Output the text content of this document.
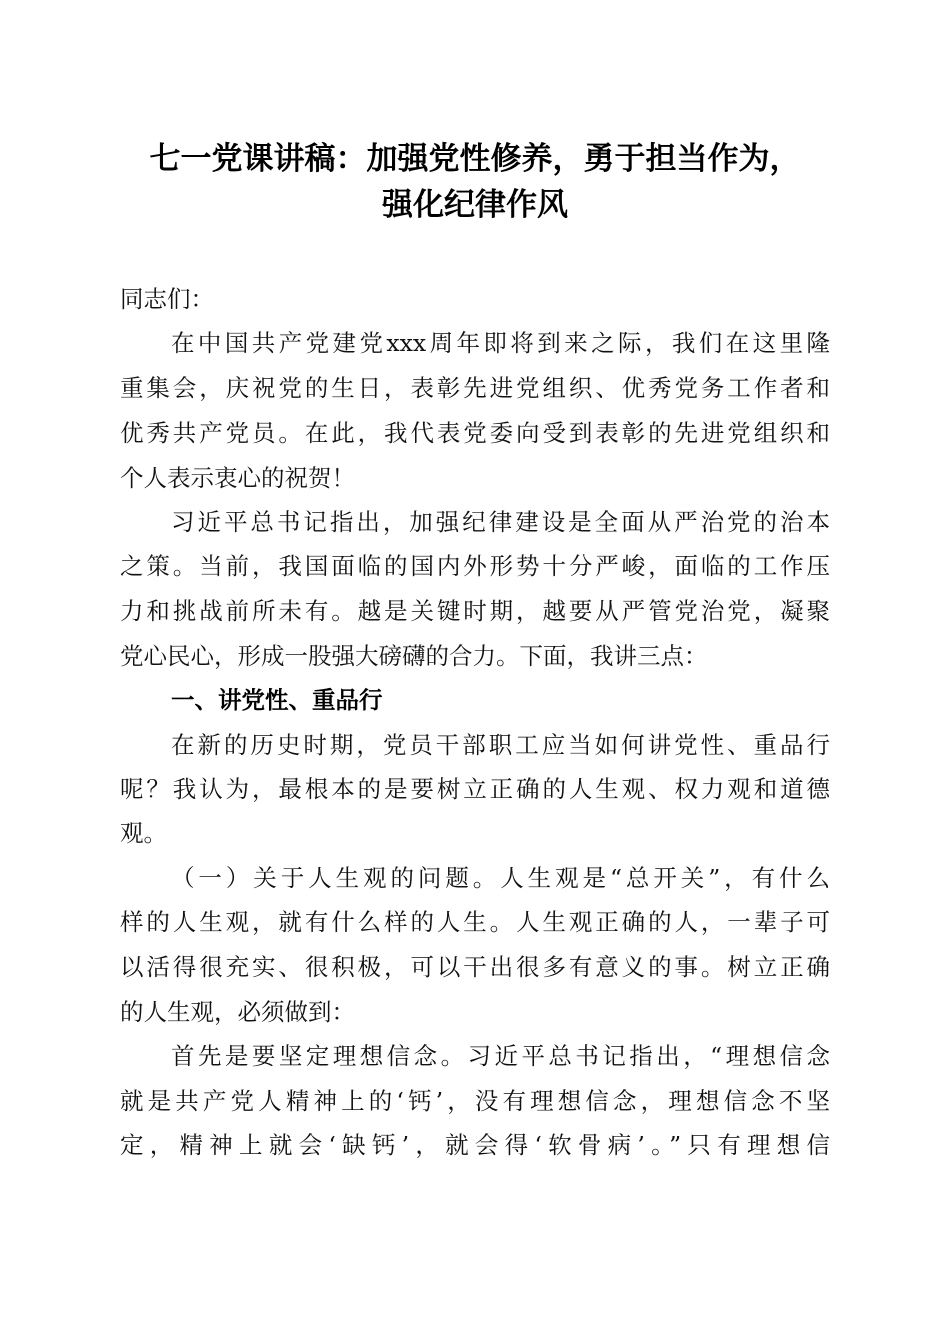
七一党课讲稿：加强党性修养，勇于担当作为，
强化纪律作风
同志们：
在中国共产党建党xxx周年即将到来之际，我们在这里隆
重集会，庆祝党的生日，表彰先进党组织、优秀党务工作者和
优秀共产党员。在此，我代表党委向受到表彰的先进党组织和
个人表示衷心的祝贺！
习近平总书记指出，加强纪律建设是全面从严治党的治本
之策。当前，我国面临的国内外形势十分严峻，面临的工作压
力和挑战前所未有。越是关键时期，越要从严管党治党，凝聚
党心民心，形成一股强大磅礴的合力。下面，我讲三点：
一、讲党性、重品行
在新的历史时期，党员干部职工应当如何讲党性、重品行
呢？我认为，最根本的是要树立正确的人生观、权力观和道德
观。
（一）关于人生观的问题。人生观是“总开关”，有什么
样的人生观，就有什么样的人生。人生观正确的人，一辈子可
以活得很充实、很积极，可以干出很多有意义的事。树立正确
的人生观，必须做到：
首先是要坚定理想信念。习近平总书记指出，“理想信念
就是共产党人精神上的‘钙’，没有理想信念，理想信念不坚
定，精神上就会‘缺钙’，就会得‘软骨病’。”只有理想信
